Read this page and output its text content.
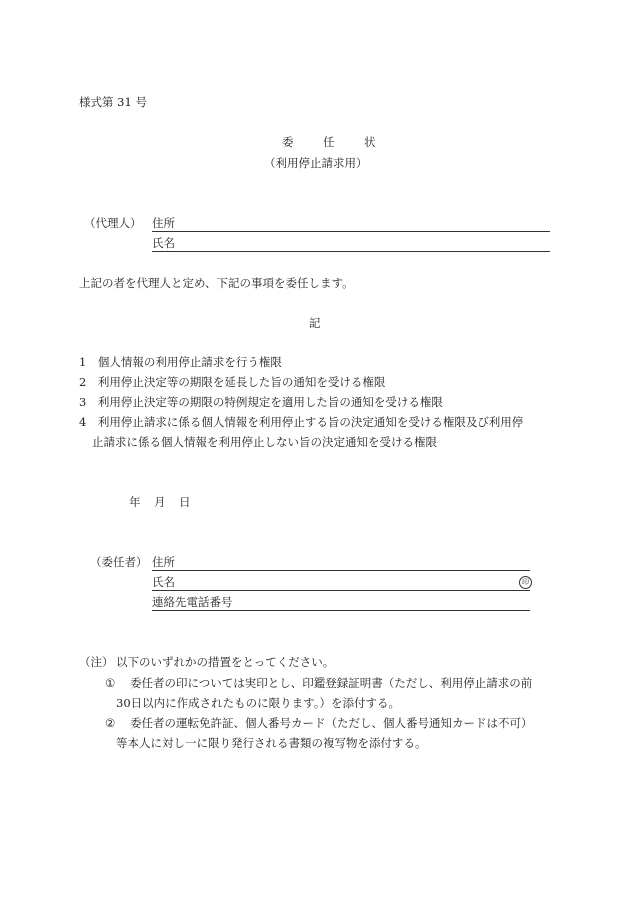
様式第 31 号
委　任　状
（利用停止請求用）
（代理人） 住所
氏名
上記の者を代理人と定め、下記の事項を委任します。
記
1　個人情報の利用停止請求を行う権限
2　利用停止決定等の期限を延長した旨の通知を受ける権限
3　利用停止決定等の期限の特例規定を適用した旨の通知を受ける権限
4　利用停止請求に係る個人情報を利用停止する旨の決定通知を受ける権限及び利用停
止請求に係る個人情報を利用停止しない旨の決定通知を受ける権限
年　月　日
（委任者） 住所
氏名	印
連絡先電話番号
（注） 以下のいずれかの措置をとってください。
① 委任者の印については実印とし、印鑑登録証明書（ただし、利用停止請求の前
30日以内に作成されたものに限ります。）を添付する。
② 委任者の運転免許証、個人番号カード（ただし、個人番号通知カードは不可）
等本人に対し一に限り発行される書類の複写物を添付する。
